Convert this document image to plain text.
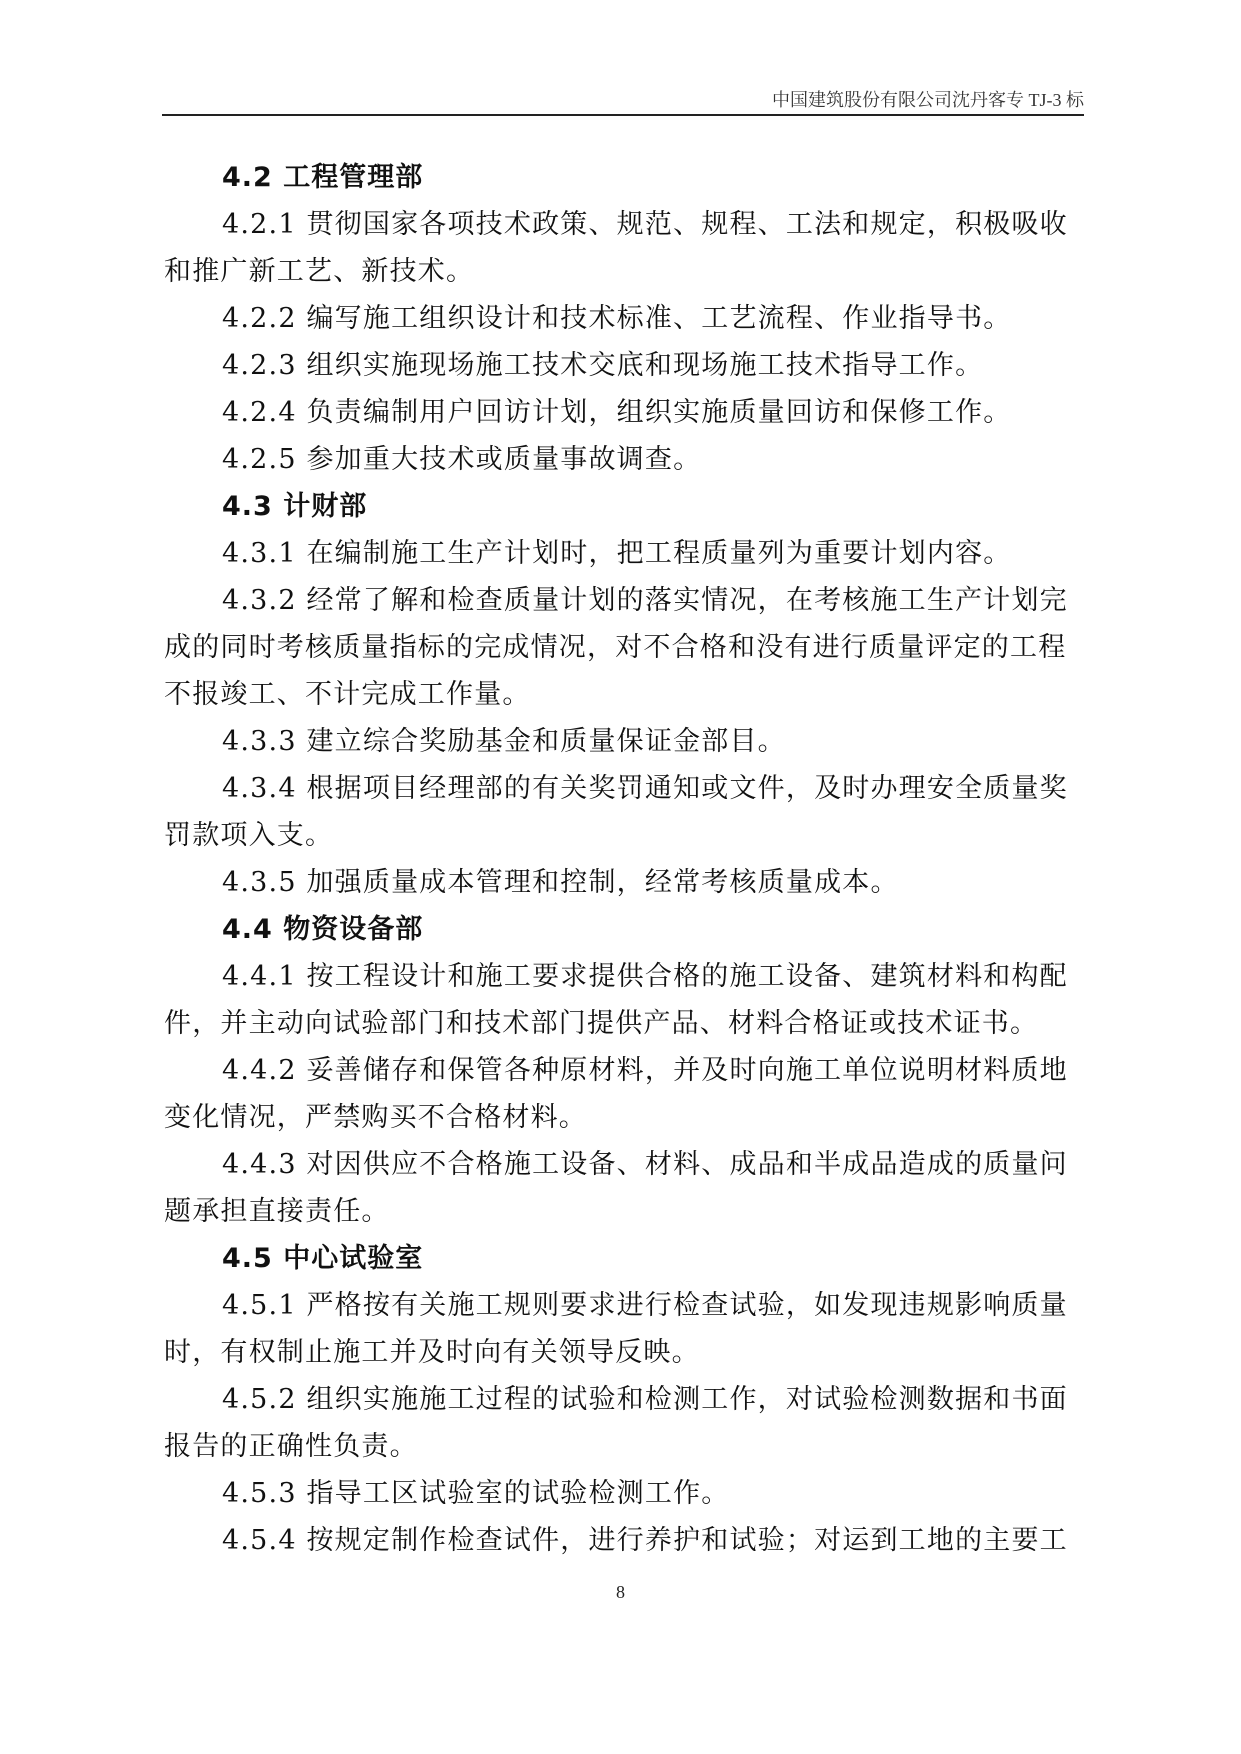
中国建筑股份有限公司沈丹客专 TJ-3 标

4.2 工程管理部

4.2.1 贯彻国家各项技术政策、规范、规程、工法和规定，积极吸收和推广新工艺、新技术。

4.2.2 编写施工组织设计和技术标准、工艺流程、作业指导书。

4.2.3 组织实施现场施工技术交底和现场施工技术指导工作。

4.2.4 负责编制用户回访计划，组织实施质量回访和保修工作。

4.2.5 参加重大技术或质量事故调查。

4.3 计财部

4.3.1 在编制施工生产计划时，把工程质量列为重要计划内容。

4.3.2 经常了解和检查质量计划的落实情况，在考核施工生产计划完成的同时考核质量指标的完成情况，对不合格和没有进行质量评定的工程不报竣工、不计完成工作量。

4.3.3 建立综合奖励基金和质量保证金部目。

4.3.4 根据项目经理部的有关奖罚通知或文件，及时办理安全质量奖罚款项入支。

4.3.5 加强质量成本管理和控制，经常考核质量成本。

4.4 物资设备部

4.4.1 按工程设计和施工要求提供合格的施工设备、建筑材料和构配件，并主动向试验部门和技术部门提供产品、材料合格证或技术证书。

4.4.2 妥善储存和保管各种原材料，并及时向施工单位说明材料质地变化情况，严禁购买不合格材料。

4.4.3 对因供应不合格施工设备、材料、成品和半成品造成的质量问题承担直接责任。

4.5 中心试验室

4.5.1 严格按有关施工规则要求进行检查试验，如发现违规影响质量时，有权制止施工并及时向有关领导反映。

4.5.2 组织实施施工过程的试验和检测工作，对试验检测数据和书面报告的正确性负责。

4.5.3 指导工区试验室的试验检测工作。

4.5.4 按规定制作检查试件，进行养护和试验；对运到工地的主要工

8
